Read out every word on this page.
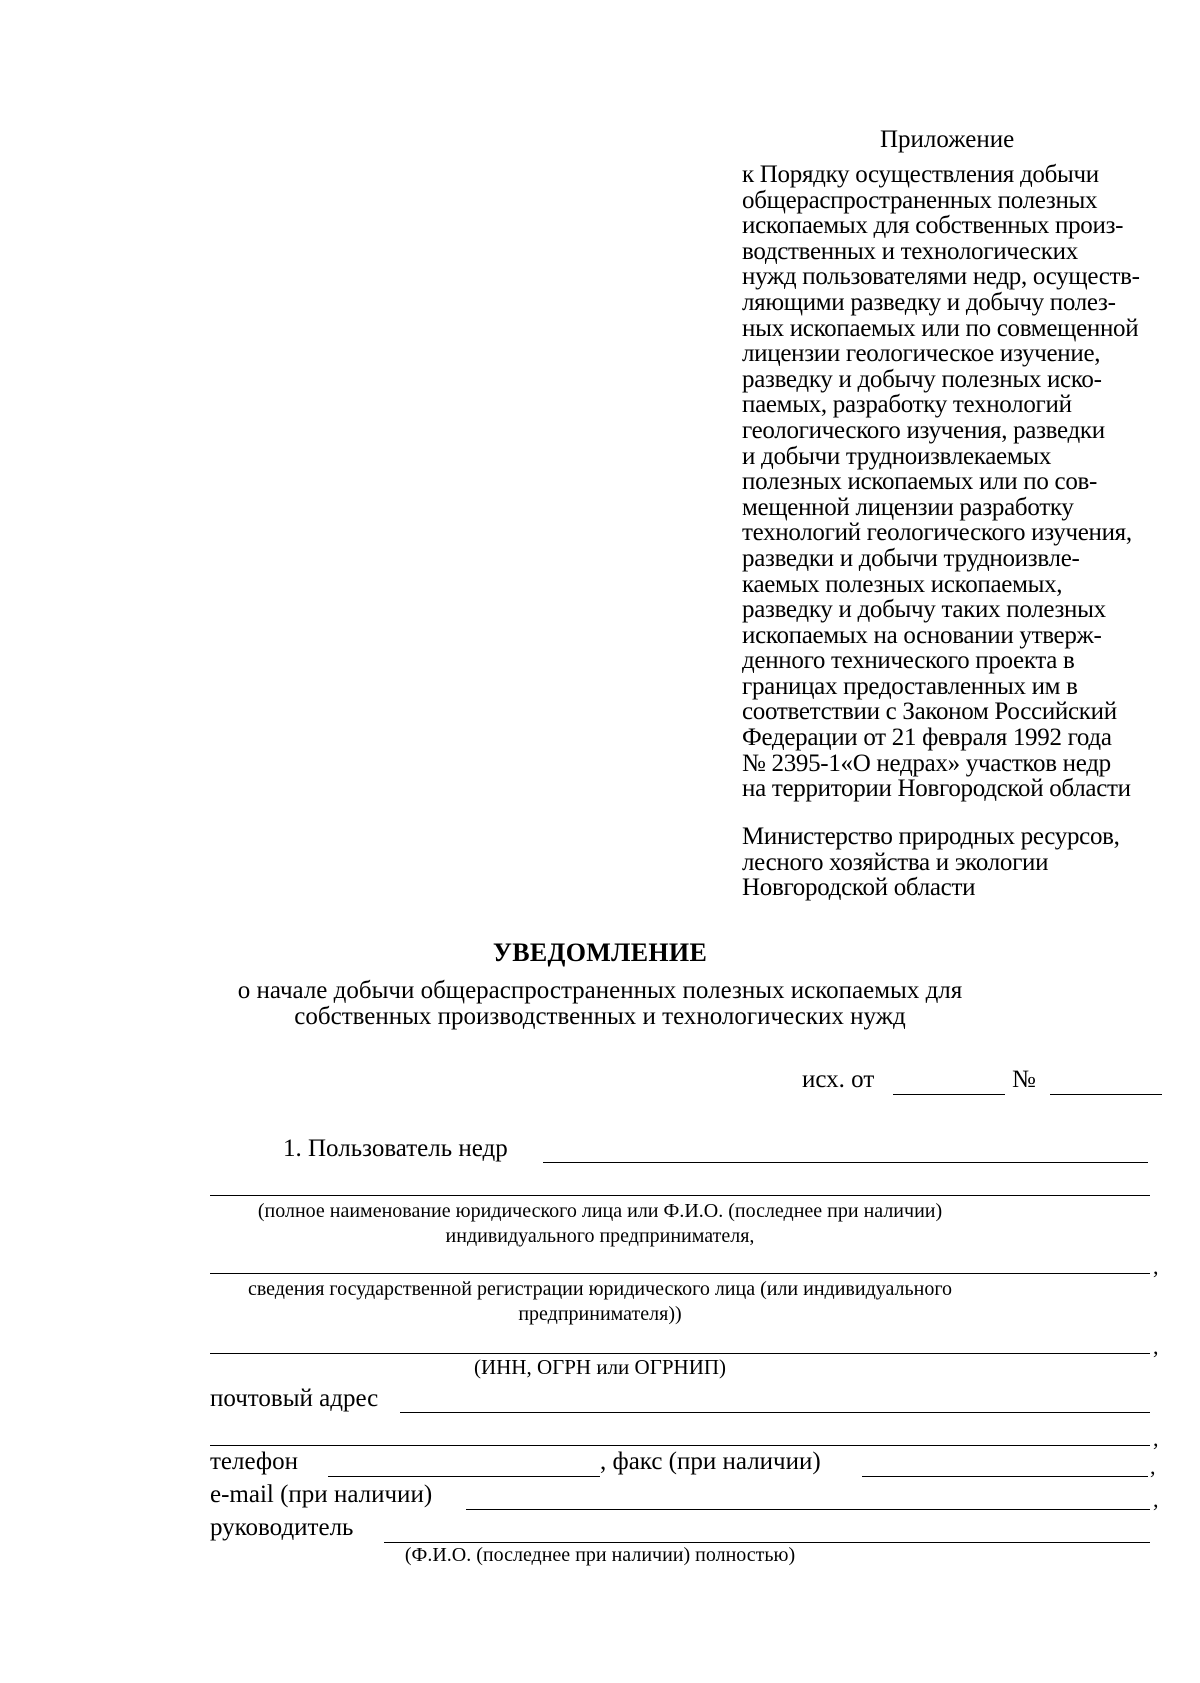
Приложение
к Порядку осуществления добычи
общераспространенных полезных
ископаемых для собственных произ-
водственных и технологических
нужд пользователями недр, осуществ-
ляющими разведку и добычу полез-
ных ископаемых или по совмещенной
лицензии геологическое изучение,
разведку и добычу полезных иско-
паемых, разработку технологий
геологического изучения, разведки
и добычи трудноизвлекаемых
полезных ископаемых или по сов-
мещенной лицензии разработку
технологий геологического изучения,
разведки и добычи трудноизвле-
каемых полезных ископаемых,
разведку и добычу таких полезных
ископаемых на основании утверж-
денного технического проекта в
границах предоставленных им в
соответствии с Законом Российский
Федерации от 21 февраля 1992 года
№ 2395-1«О недрах» участков недр
на территории Новгородской области
Министерство природных ресурсов,
лесного хозяйства и экологии
Новгородской области
УВЕДОМЛЕНИЕ
о начале добычи общераспространенных полезных ископаемых для
собственных производственных и технологических нужд
исх. от	№
1. Пользователь недр
(полное наименование юридического лица или Ф.И.О. (последнее при наличии)
индивидуального предпринимателя,
,
сведения государственной регистрации юридического лица (или индивидуального
предпринимателя))
,
(ИНН, ОГРН или ОГРНИП)
почтовый адрес
,
телефон	, факс (при наличии)	,
e-mail (при наличии)	,
руководитель
(Ф.И.О. (последнее при наличии) полностью)
